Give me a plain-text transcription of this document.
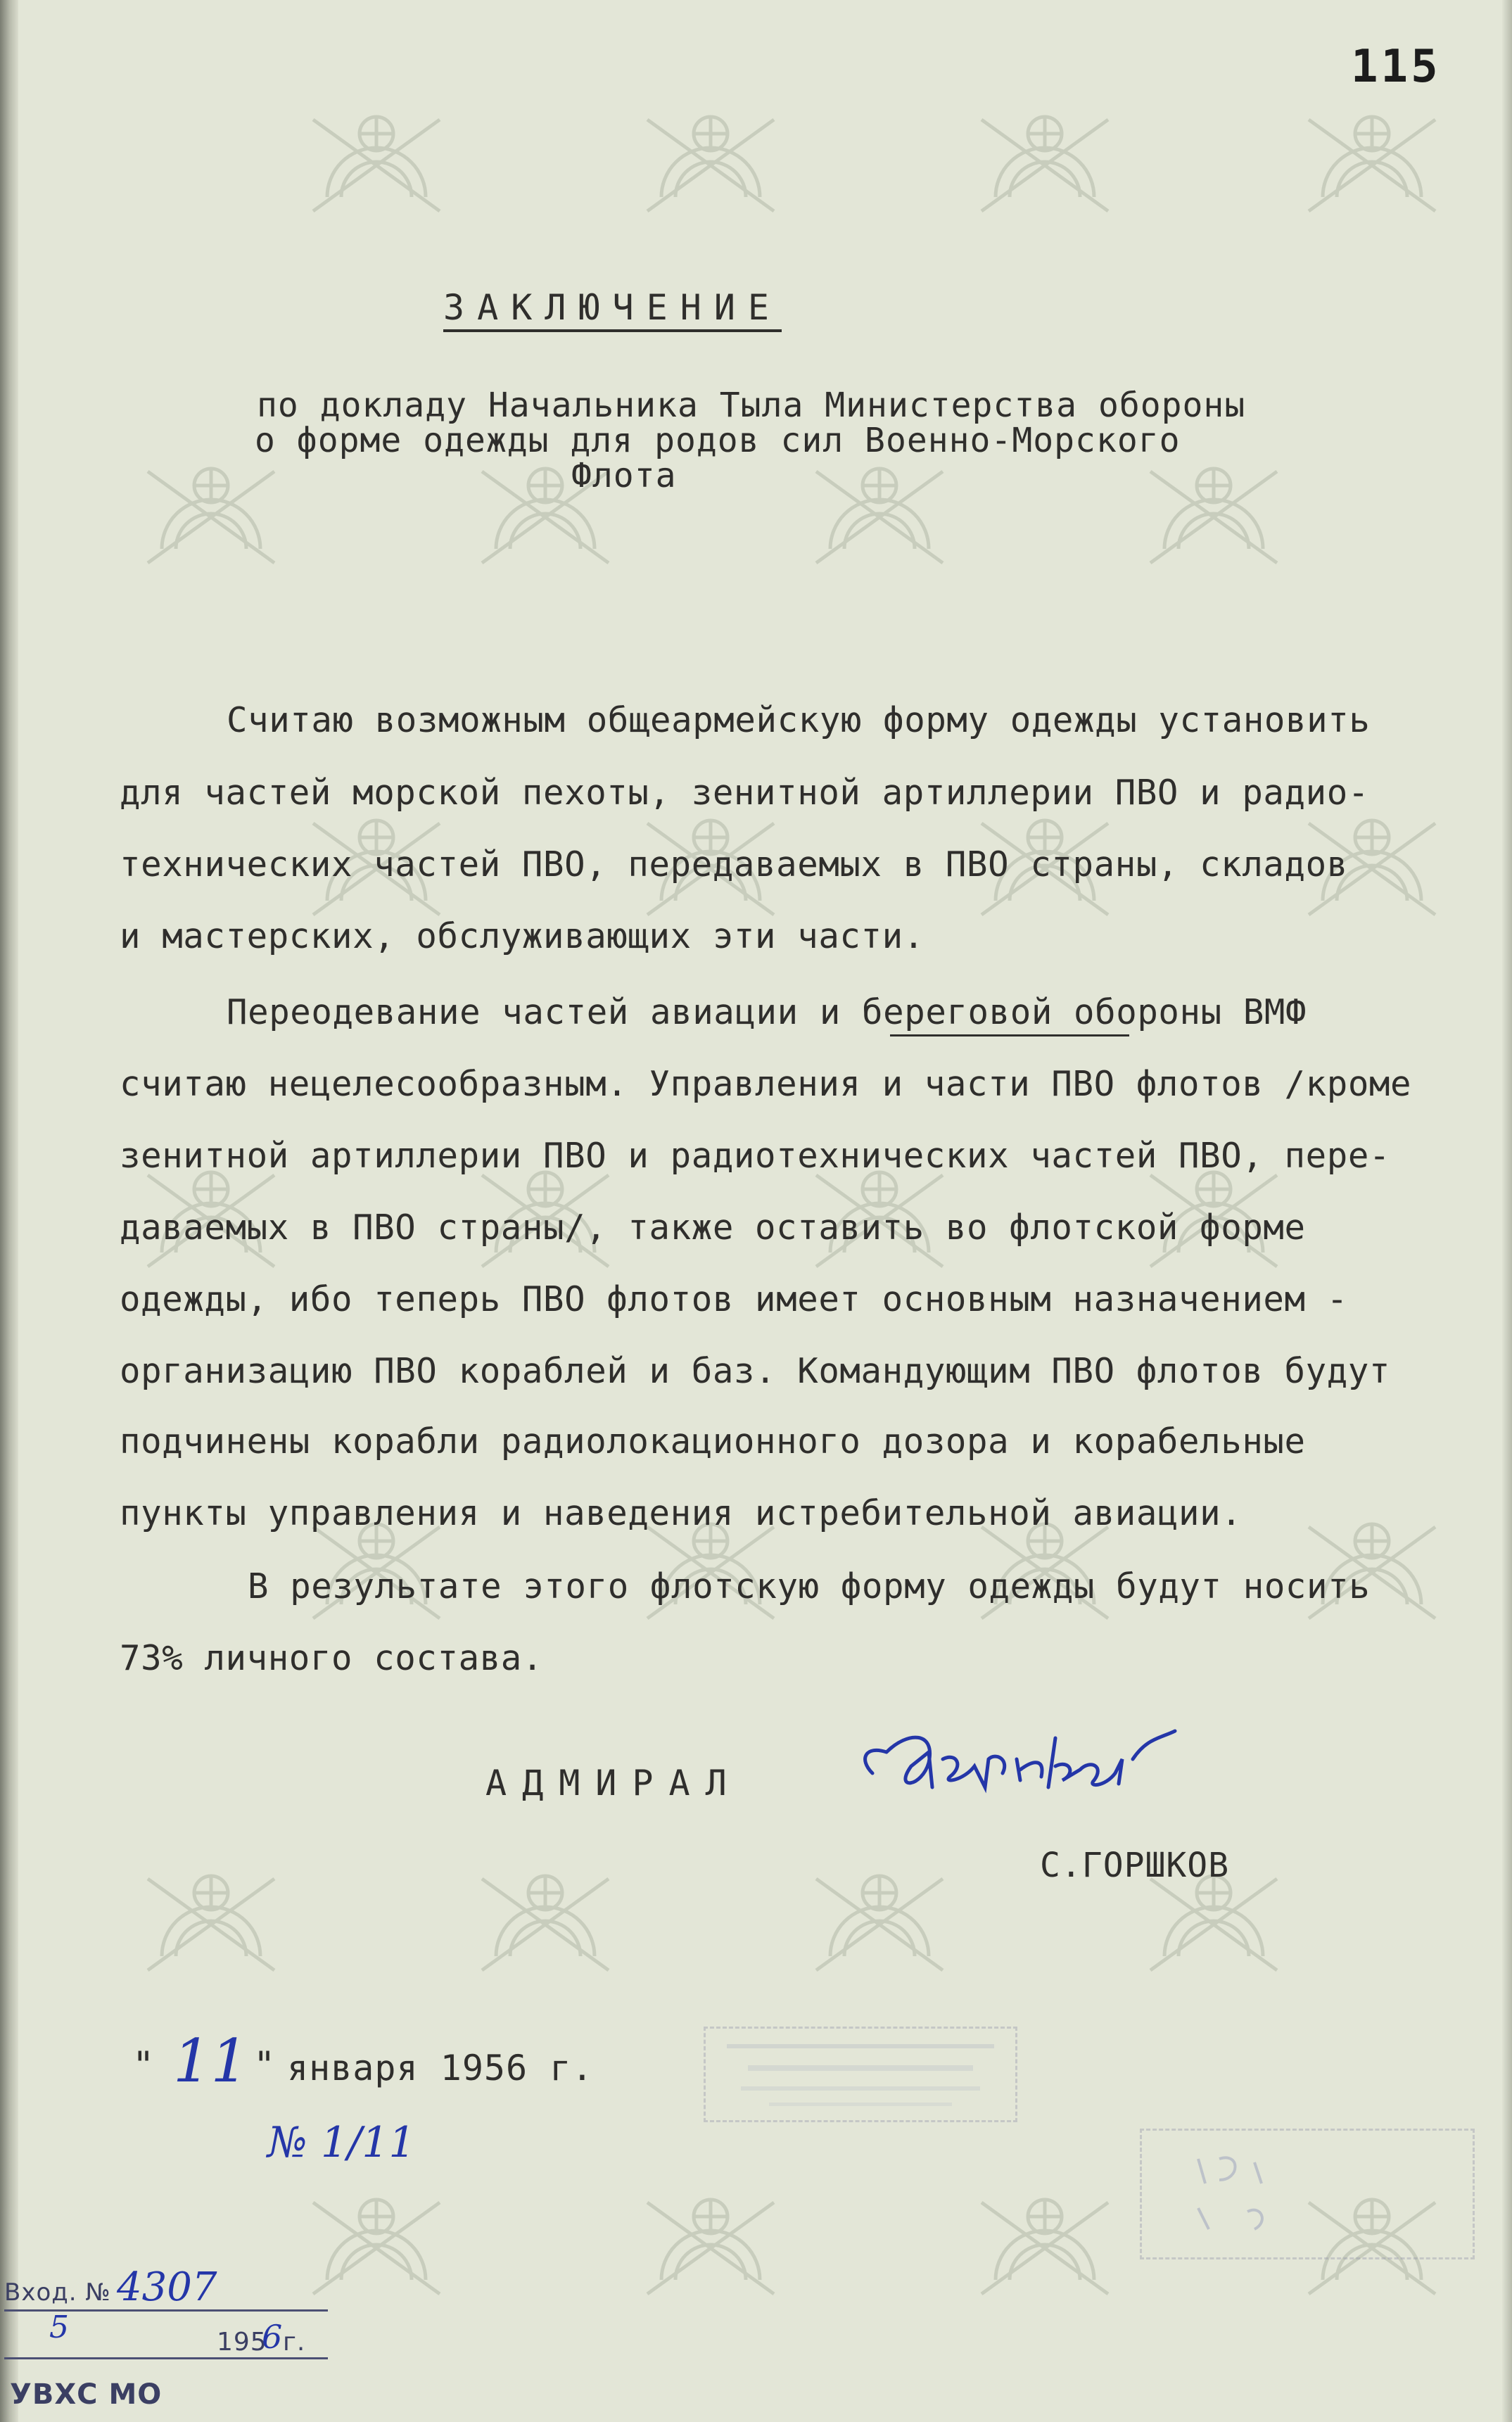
115
ЗАКЛЮЧЕНИЕ
по докладу Начальника Тыла Министерства обороны
о форме одежды для родов сил Военно-Морского
Флота
Считаю возможным общеармейскую форму одежды установить
для частей морской пехоты, зенитной артиллерии ПВО и радио-
технических частей ПВО, передаваемых в ПВО страны, складов
и мастерских, обслуживающих эти части.
Переодевание частей авиации и береговой обороны ВМФ
считаю нецелесообразным. Управления и части ПВО флотов /кроме
зенитной артиллерии ПВО и радиотехнических частей ПВО, пере-
даваемых в ПВО страны/, также оставить во флотской форме
одежды, ибо теперь ПВО флотов имеет основным назначением -
организацию ПВО кораблей и баз. Командующим ПВО флотов будут
подчинены корабли радиолокационного дозора и корабельные
пункты управления и наведения истребительной авиации.
В результате этого флотскую форму одежды будут носить
73% личного состава.
АДМИРАЛ
С.ГОРШКОВ
" 11 " января 1956 г.
№ 1/11
Вход. № 4307
5	195
6 г.
УВХС МО
